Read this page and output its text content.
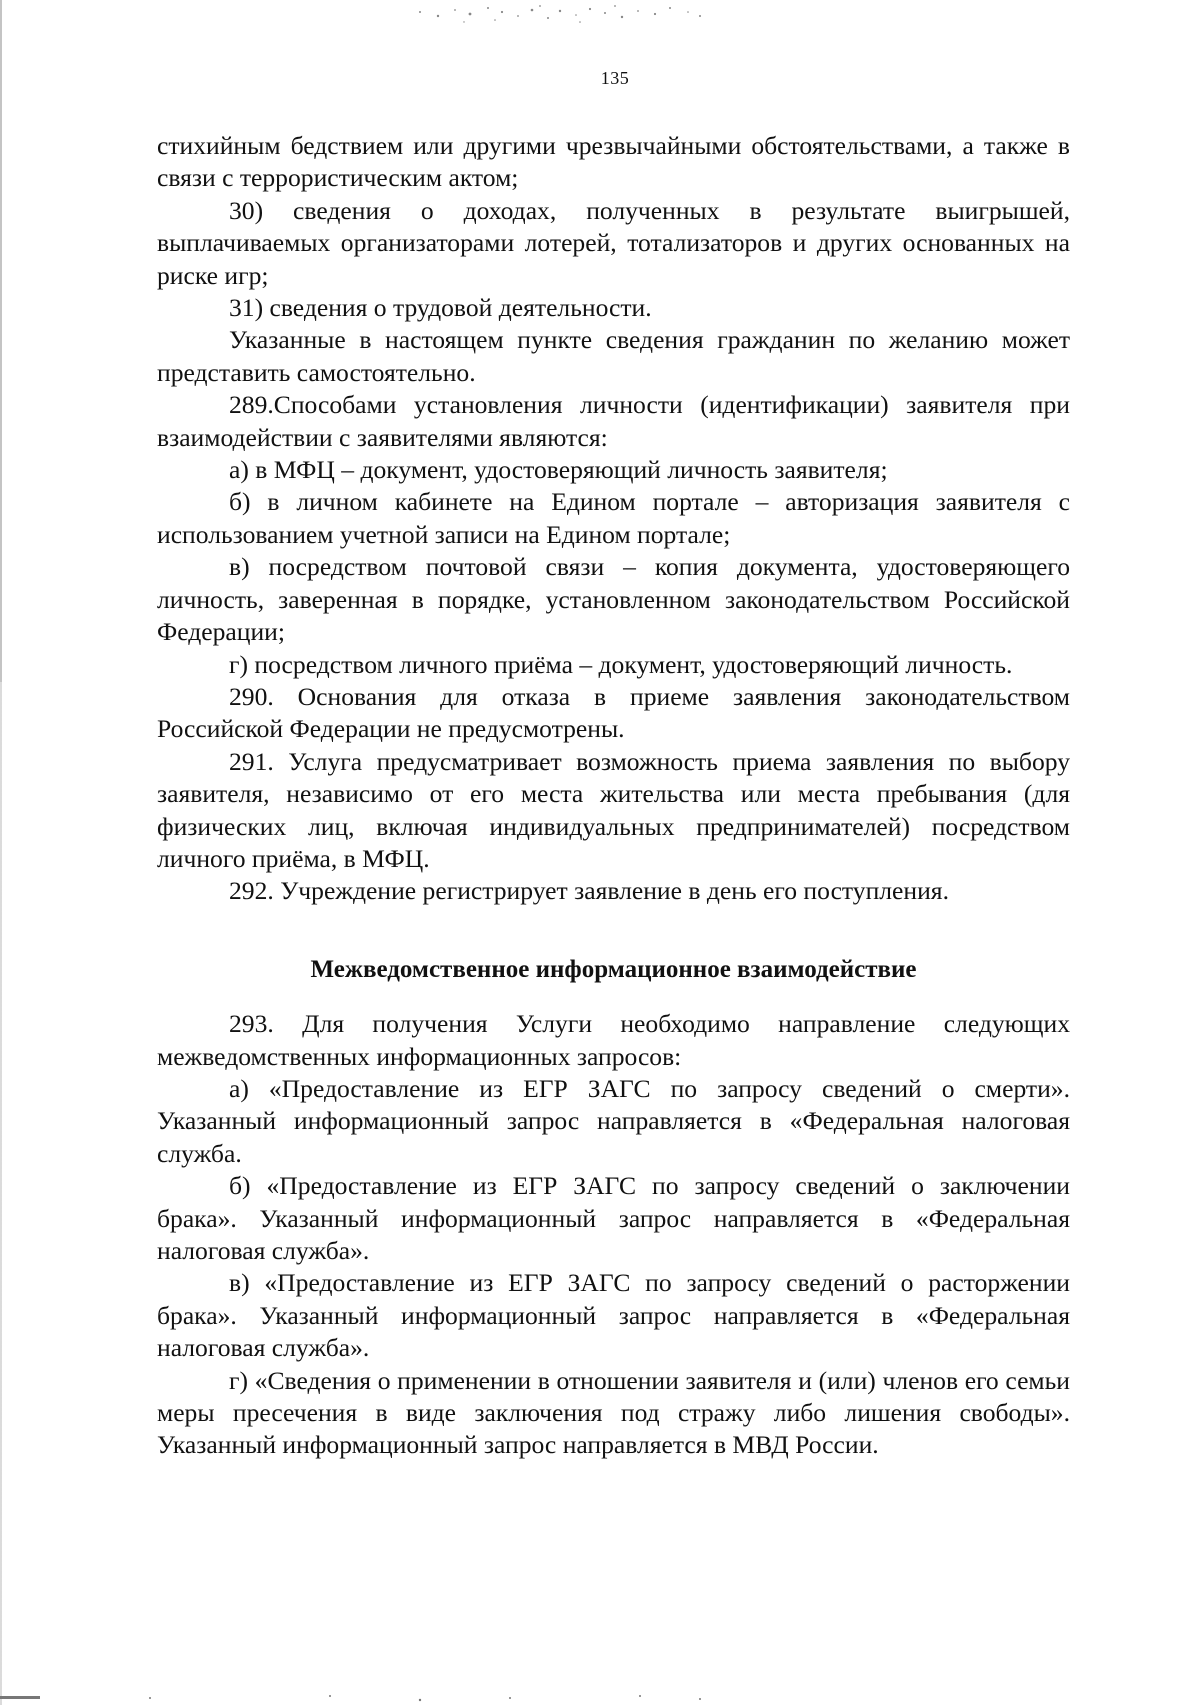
135

стихийным бедствием или другими чрезвычайными обстоятельствами, а также в связи с террористическим актом;

30) сведения о доходах, полученных в результате выигрышей, выплачиваемых организаторами лотерей, тотализаторов и других основанных на риске игр;

31) сведения о трудовой деятельности.

Указанные в настоящем пункте сведения гражданин по желанию может представить самостоятельно.

289.Способами установления личности (идентификации) заявителя при взаимодействии с заявителями являются:

а) в МФЦ – документ, удостоверяющий личность заявителя;

б) в личном кабинете на Едином портале – авторизация заявителя с использованием учетной записи на Едином портале;

в) посредством почтовой связи – копия документа, удостоверяющего личность, заверенная в порядке, установленном законодательством Российской Федерации;

г) посредством личного приёма – документ, удостоверяющий личность.

290. Основания для отказа в приеме заявления законодательством Российской Федерации не предусмотрены.

291. Услуга предусматривает возможность приема заявления по выбору заявителя, независимо от его места жительства или места пребывания (для физических лиц, включая индивидуальных предпринимателей) посредством личного приёма, в МФЦ.

292. Учреждение регистрирует заявление в день его поступления.

Межведомственное информационное взаимодействие

293. Для получения Услуги необходимо направление следующих межведомственных информационных запросов:

а) «Предоставление из ЕГР ЗАГС по запросу сведений о смерти». Указанный информационный запрос направляется в «Федеральная налоговая служба.

б) «Предоставление из ЕГР ЗАГС по запросу сведений о заключении брака». Указанный информационный запрос направляется в «Федеральная налоговая служба».

в) «Предоставление из ЕГР ЗАГС по запросу сведений о расторжении брака». Указанный информационный запрос направляется в «Федеральная налоговая служба».

г) «Сведения о применении в отношении заявителя и (или) членов его семьи меры пресечения в виде заключения под стражу либо лишения свободы». Указанный информационный запрос направляется в МВД России.
